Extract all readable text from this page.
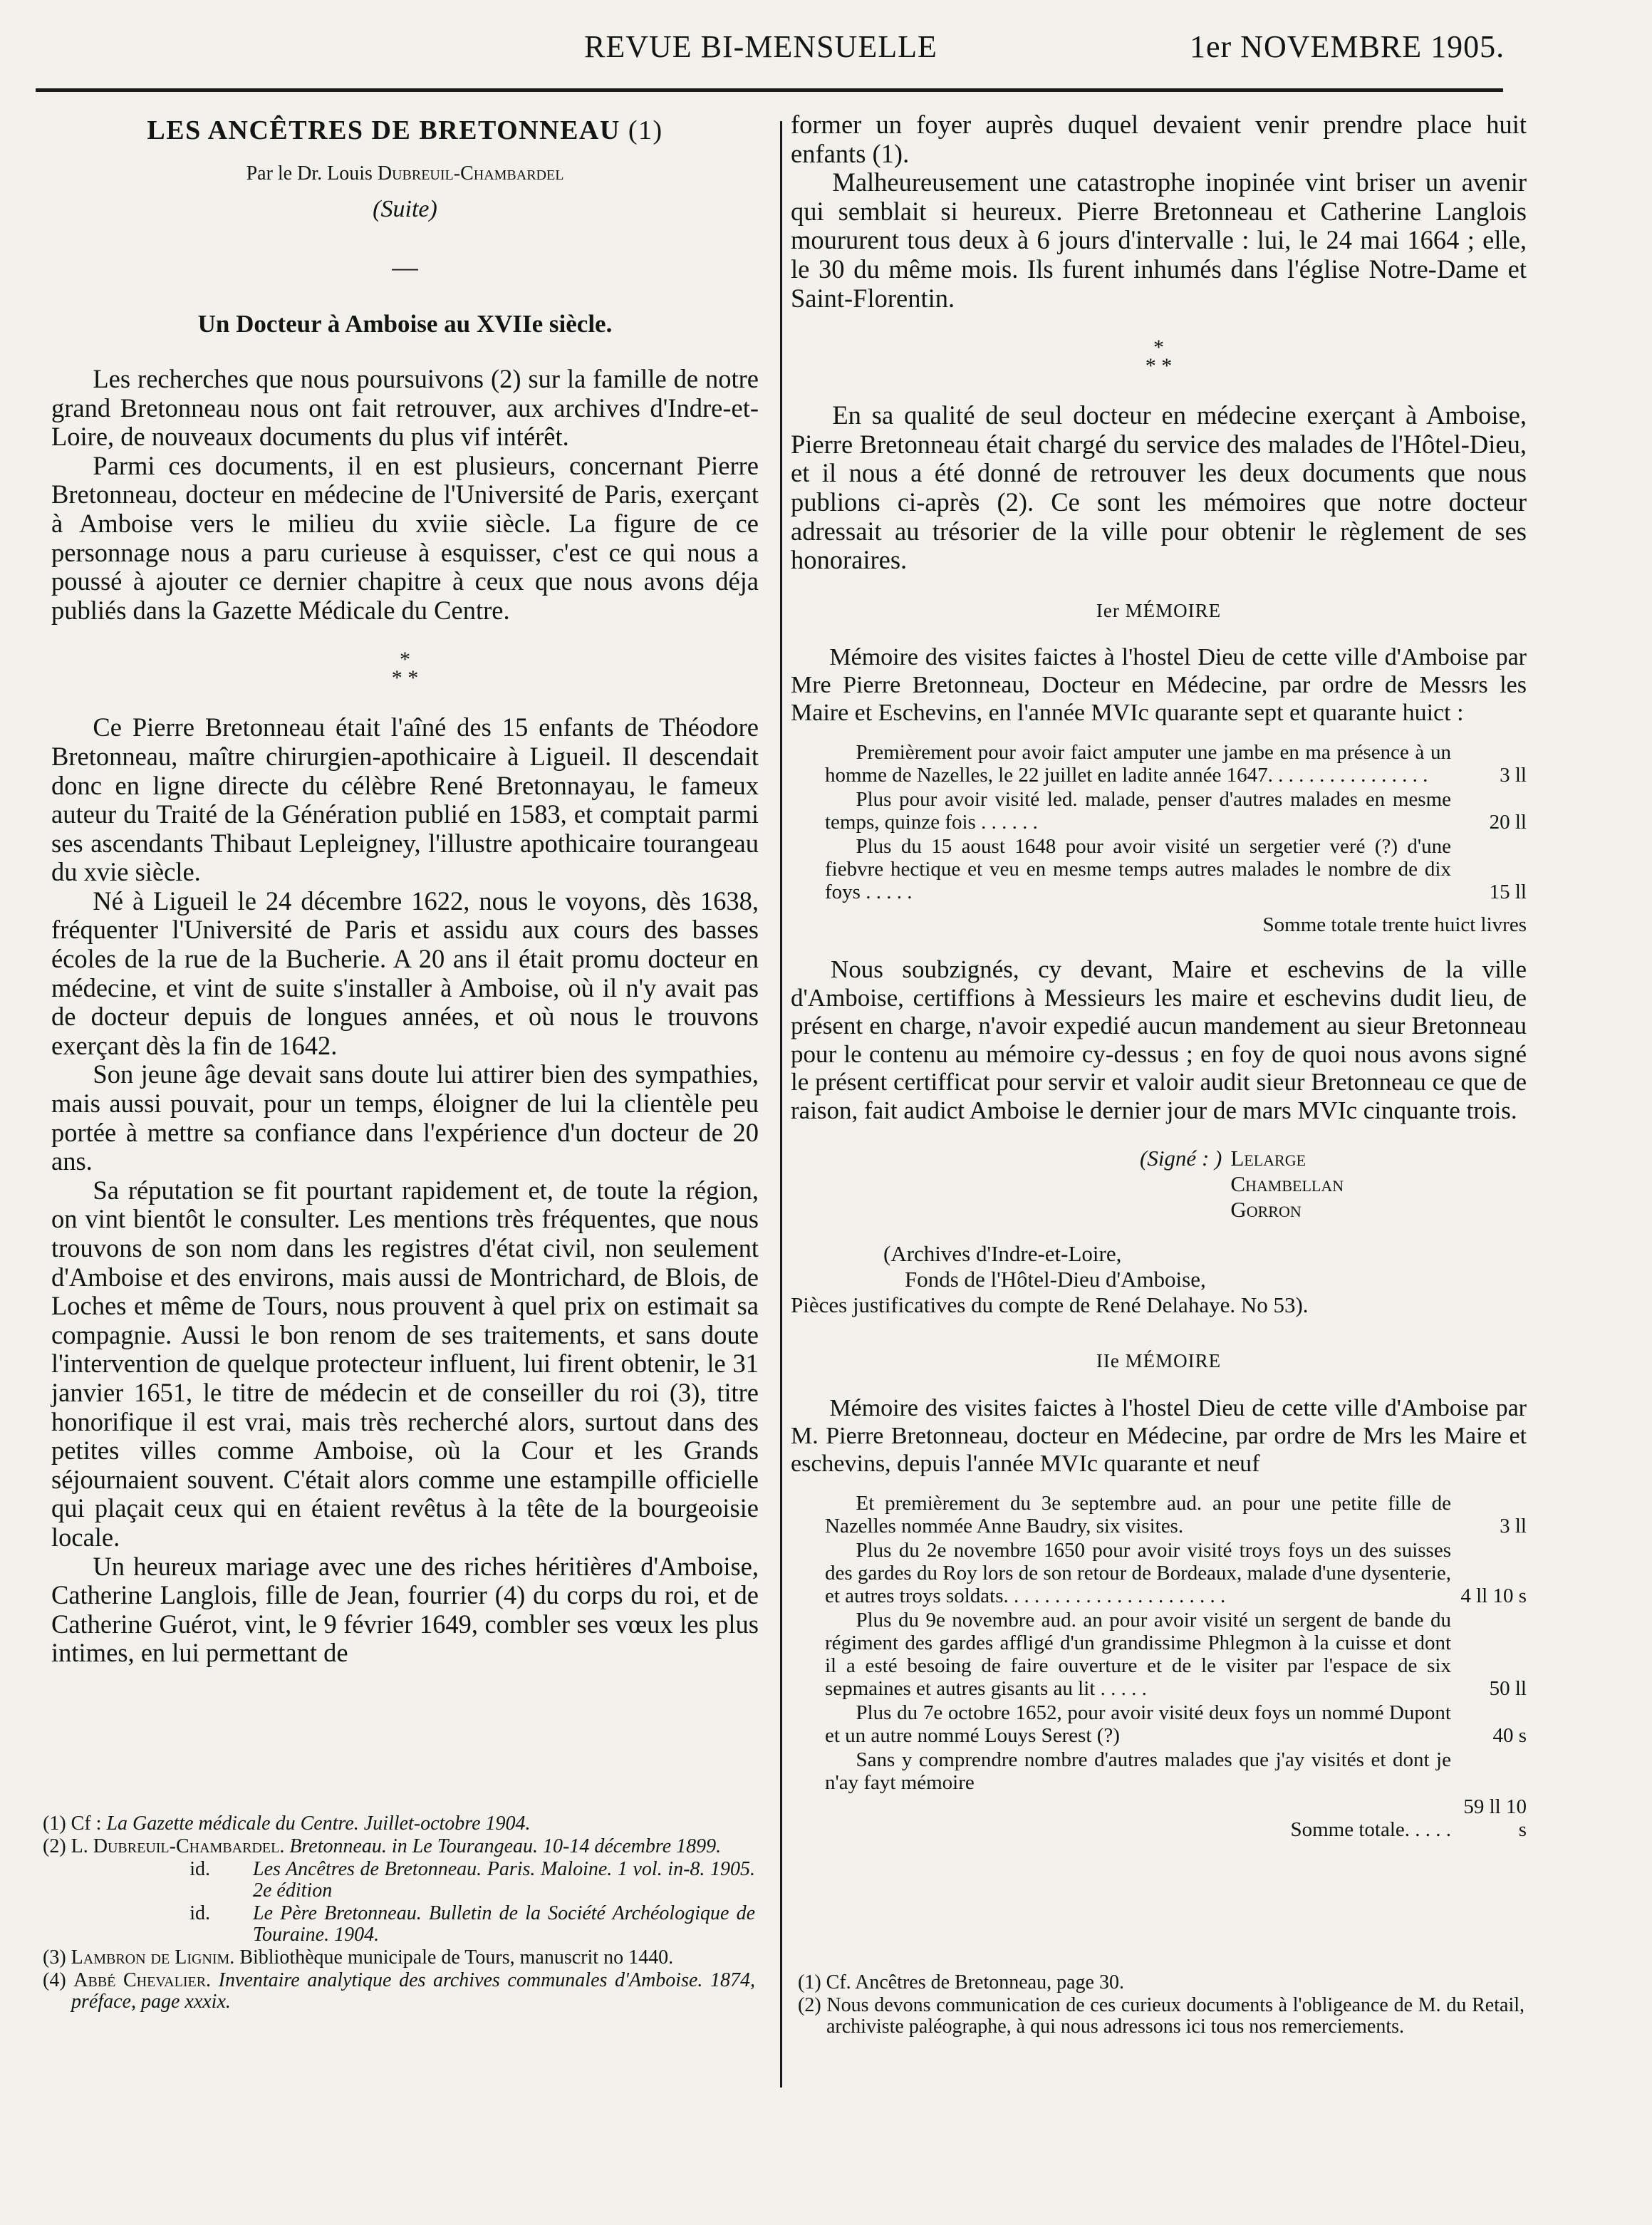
REVUE BI-MENSUELLE	1er NOVEMBRE 1905.

LES ANCÊTRES DE BRETONNEAU (1)

Par le Dr. Louis Dubreuil-Chambardel

(Suite)

—

Un Docteur à Amboise au XVIIe siècle.

Les recherches que nous poursuivons (2) sur la famille de notre grand Bretonneau nous ont fait retrouver, aux archives d'Indre-et-Loire, de nouveaux documents du plus vif intérêt.

Parmi ces documents, il en est plusieurs, concernant Pierre Bretonneau, docteur en médecine de l'Université de Paris, exerçant à Amboise vers le milieu du xviie siècle. La figure de ce personnage nous a paru curieuse à esquisser, c'est ce qui nous a poussé à ajouter ce dernier chapitre à ceux que nous avons déja publiés dans la Gazette Médicale du Centre.

*
* *

Ce Pierre Bretonneau était l'aîné des 15 enfants de Théodore Bretonneau, maître chirurgien-apothicaire à Ligueil. Il descendait donc en ligne directe du célèbre René Bretonnayau, le fameux auteur du Traité de la Génération publié en 1583, et comptait parmi ses ascendants Thibaut Lepleigney, l'illustre apothicaire tourangeau du xvie siècle.

Né à Ligueil le 24 décembre 1622, nous le voyons, dès 1638, fréquenter l'Université de Paris et assidu aux cours des basses écoles de la rue de la Bucherie. A 20 ans il était promu docteur en médecine, et vint de suite s'installer à Amboise, où il n'y avait pas de docteur depuis de longues années, et où nous le trouvons exerçant dès la fin de 1642.

Son jeune âge devait sans doute lui attirer bien des sympathies, mais aussi pouvait, pour un temps, éloigner de lui la clientèle peu portée à mettre sa confiance dans l'expérience d'un docteur de 20 ans.

Sa réputation se fit pourtant rapidement et, de toute la région, on vint bientôt le consulter. Les mentions très fréquentes, que nous trouvons de son nom dans les registres d'état civil, non seulement d'Amboise et des environs, mais aussi de Montrichard, de Blois, de Loches et même de Tours, nous prouvent à quel prix on estimait sa compagnie. Aussi le bon renom de ses traitements, et sans doute l'intervention de quelque protecteur influent, lui firent obtenir, le 31 janvier 1651, le titre de médecin et de conseiller du roi (3), titre honorifique il est vrai, mais très recherché alors, surtout dans des petites villes comme Amboise, où la Cour et les Grands séjournaient souvent. C'était alors comme une estampille officielle qui plaçait ceux qui en étaient revêtus à la tête de la bourgeoisie locale.

Un heureux mariage avec une des riches héritières d'Amboise, Catherine Langlois, fille de Jean, fourrier (4) du corps du roi, et de Catherine Guérot, vint, le 9 février 1649, combler ses vœux les plus intimes, en lui permettant de

(1) Cf : La Gazette médicale du Centre. Juillet-octobre 1904.
(2) L. Dubreuil-Chambardel. Bretonneau. in Le Tourangeau. 10-14 décembre 1899.
id.	Les Ancêtres de Bretonneau. Paris. Maloine. 1 vol. in-8. 1905. 2e édition
id.	Le Père Bretonneau. Bulletin de la Société Archéologique de Touraine. 1904.
(3) Lambron de Lignim. Bibliothèque municipale de Tours, manuscrit no 1440.
(4) Abbé Chevalier. Inventaire analytique des archives communales d'Amboise. 1874, préface, page xxxix.

former un foyer auprès duquel devaient venir prendre place huit enfants (1).

Malheureusement une catastrophe inopinée vint briser un avenir qui semblait si heureux. Pierre Bretonneau et Catherine Langlois moururent tous deux à 6 jours d'intervalle : lui, le 24 mai 1664 ; elle, le 30 du même mois. Ils furent inhumés dans l'église Notre-Dame et Saint-Florentin.

*
* *

En sa qualité de seul docteur en médecine exerçant à Amboise, Pierre Bretonneau était chargé du service des malades de l'Hôtel-Dieu, et il nous a été donné de retrouver les deux documents que nous publions ci-après (2). Ce sont les mémoires que notre docteur adressait au trésorier de la ville pour obtenir le règlement de ses honoraires.

Ier MÉMOIRE

Mémoire des visites faictes à l'hostel Dieu de cette ville d'Amboise par Mre Pierre Bretonneau, Docteur en Médecine, par ordre de Messrs les Maire et Eschevins, en l'année MVIc quarante sept et quarante huict :

Premièrement pour avoir faict amputer une jambe en ma présence à un homme de Nazelles, le 22 juillet en ladite année 1647. . . . . . . . . . . . . . . .	3 ll
Plus pour avoir visité led. malade, penser d'autres malades en mesme temps, quinze fois . . . . . .	20 ll
Plus du 15 aoust 1648 pour avoir visité un sergetier veré (?) d'une fiebvre hectique et veu en mesme temps autres malades le nombre de dix foys . . . . .	15 ll

Somme totale trente huict livres

Nous soubzignés, cy devant, Maire et eschevins de la ville d'Amboise, certiffions à Messieurs les maire et eschevins dudit lieu, de présent en charge, n'avoir expedié aucun mandement au sieur Bretonneau pour le contenu au mémoire cy-dessus ; en foy de quoi nous avons signé le présent certifficat pour servir et valoir audit sieur Bretonneau ce que de raison, fait audict Amboise le dernier jour de mars MVIc cinquante trois.

(Signé : )	Lelarge
	Chambellan
	Gorron
(Archives d'Indre-et-Loire,
Fonds de l'Hôtel-Dieu d'Amboise,
Pièces justificatives du compte de René Delahaye. No 53).

IIe MÉMOIRE

Mémoire des visites faictes à l'hostel Dieu de cette ville d'Amboise par M. Pierre Bretonneau, docteur en Médecine, par ordre de Mrs les Maire et eschevins, depuis l'année MVIc quarante et neuf

Et premièrement du 3e septembre aud. an pour une petite fille de Nazelles nommée Anne Baudry, six visites.	3 ll
Plus du 2e novembre 1650 pour avoir visité troys foys un des suisses des gardes du Roy lors de son retour de Bordeaux, malade d'une dysenterie, et autres troys soldats. . . . . . . . . . . . . . . . . . . . . .	4 ll 10 s
Plus du 9e novembre aud. an pour avoir visité un sergent de bande du régiment des gardes affligé d'un grandissime Phlegmon à la cuisse et dont il a esté besoing de faire ouverture et de le visiter par l'espace de six sepmaines et autres gisants au lit . . . . .	50 ll
Plus du 7e octobre 1652, pour avoir visité deux foys un nommé Dupont et un autre nommé Louys Serest (?)	40 s
Sans y comprendre nombre d'autres malades que j'ay visités et dont je n'ay fayt mémoire
Somme totale. . . . .
59 ll 10 s
(1) Cf. Ancêtres de Bretonneau, page 30.
(2) Nous devons communication de ces curieux documents à l'obligeance de M. du Retail, archiviste paléographe, à qui nous adressons ici tous nos remerciements.
